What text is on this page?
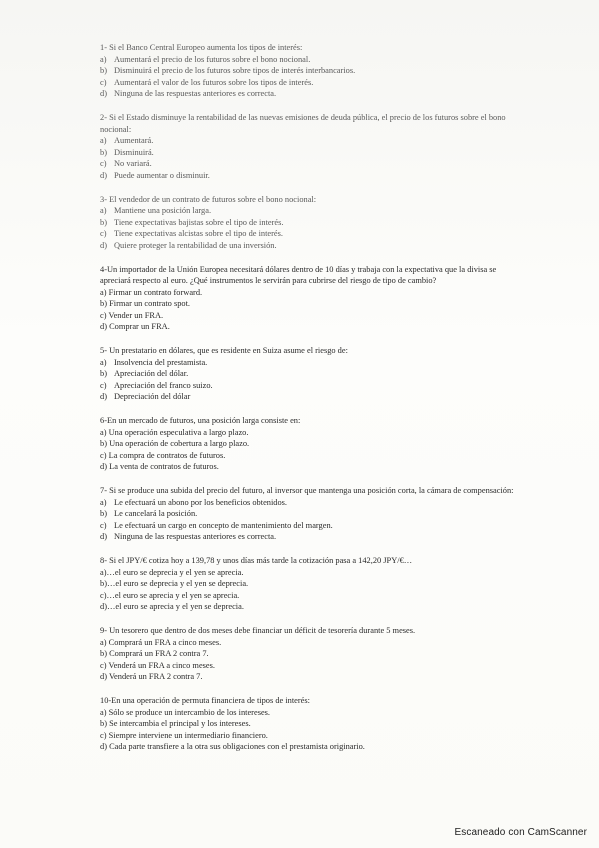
1- Si el Banco Central Europeo aumenta los tipos de interés:
a) Aumentará el precio de los futuros sobre el bono nocional.
b) Disminuirá el precio de los futuros sobre tipos de interés interbancarios.
c) Aumentará el valor de los futuros sobre los tipos de interés.
d) Ninguna de las respuestas anteriores es correcta.
2- Si el Estado disminuye la rentabilidad de las nuevas emisiones de deuda pública, el precio de los futuros sobre el bono nocional:
a) Aumentará.
b) Disminuirá.
c) No variará.
d) Puede aumentar o disminuir.
3- El vendedor de un contrato de futuros sobre el bono nocional:
a) Mantiene una posición larga.
b) Tiene expectativas bajistas sobre el tipo de interés.
c) Tiene expectativas alcistas sobre el tipo de interés.
d) Quiere proteger la rentabilidad de una inversión.
4-Un importador de la Unión Europea necesitará dólares dentro de 10 días y trabaja con la expectativa que la divisa se apreciará respecto al euro. ¿Qué instrumentos le servirán para cubrirse del riesgo de tipo de cambio?
a) Firmar un contrato forward.
b) Firmar un contrato spot.
c) Vender un FRA.
d) Comprar un FRA.
5- Un prestatario en dólares, que es residente en Suiza asume el riesgo de:
a) Insolvencia del prestamista.
b) Apreciación del dólar.
c) Apreciación del franco suizo.
d) Depreciación del dólar
6-En un mercado de futuros, una posición larga consiste en:
a) Una operación especulativa a largo plazo.
b) Una operación de cobertura a largo plazo.
c) La compra de contratos de futuros.
d) La venta de contratos de futuros.
7- Si se produce una subida del precio del futuro, al inversor que mantenga una posición corta, la cámara de compensación:
a) Le efectuará un abono por los beneficios obtenidos.
b) Le cancelará la posición.
c) Le efectuará un cargo en concepto de mantenimiento del margen.
d) Ninguna de las respuestas anteriores es correcta.
8- Si el JPY/€ cotiza hoy a 139,78 y unos días más tarde la cotización pasa a 142,20 JPY/€…
a)…el euro se deprecia y el yen se aprecia.
b)…el euro se deprecia y el yen se deprecia.
c)…el euro se aprecia y el yen se aprecia.
d)…el euro se aprecia y el yen se deprecia.
9- Un tesorero que dentro de dos meses debe financiar un déficit de tesorería durante 5 meses.
a) Comprará un FRA a cinco meses.
b) Comprará un FRA 2 contra 7.
c) Venderá un FRA a cinco meses.
d) Venderá un FRA 2 contra 7.
10-En una operación de permuta financiera de tipos de interés:
a) Sólo se produce un intercambio de los intereses.
b) Se intercambia el principal y los intereses.
c) Siempre interviene un intermediario financiero.
d) Cada parte transfiere a la otra sus obligaciones con el prestamista originario.
Escaneado con CamScanner
